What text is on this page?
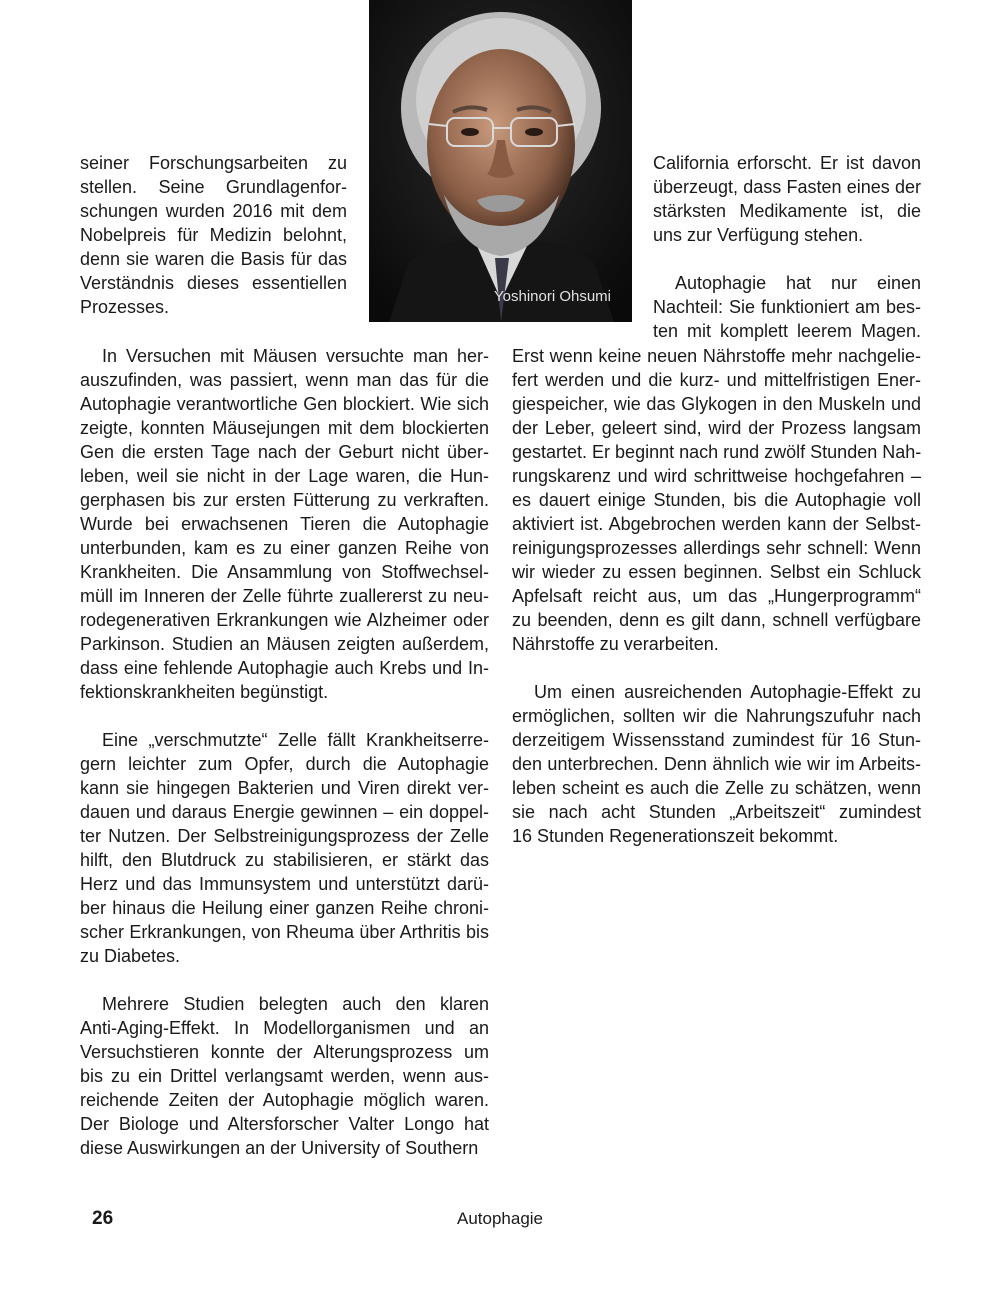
Yoshinori Ohsumi
seiner Forschungsarbeiten zu
stellen. Seine Grundlagenfor-
schungen wurden 2016 mit dem
Nobelpreis für Medizin belohnt,
denn sie waren die Basis für das
Verständnis dieses essentiellen
Prozesses.
California erforscht. Er ist davon
überzeugt, dass Fasten eines der
stärksten Medikamente ist, die
uns zur Verfügung stehen.
Autophagie hat nur einen
Nachteil: Sie funktioniert am bes-
ten mit komplett leerem Magen.
In Versuchen mit Mäusen versuchte man her-
auszufinden, was passiert, wenn man das für die
Autophagie verantwortliche Gen blockiert. Wie sich
zeigte, konnten Mäusejungen mit dem blockierten
Gen die ersten Tage nach der Geburt nicht über-
leben, weil sie nicht in der Lage waren, die Hun-
gerphasen bis zur ersten Fütterung zu verkraften.
Wurde bei erwachsenen Tieren die Autophagie
unterbunden, kam es zu einer ganzen Reihe von
Krankheiten. Die Ansammlung von Stoffwechsel-
müll im Inneren der Zelle führte zuallererst zu neu-
rodegenerativen Erkrankungen wie Alzheimer oder
Parkinson. Studien an Mäusen zeigten außerdem,
dass eine fehlende Autophagie auch Krebs und In-
fektionskrankheiten begünstigt.
Eine „verschmutzte“ Zelle fällt Krankheitserre-
gern leichter zum Opfer, durch die Autophagie
kann sie hingegen Bakterien und Viren direkt ver-
dauen und daraus Energie gewinnen – ein doppel-
ter Nutzen. Der Selbstreinigungsprozess der Zelle
hilft, den Blutdruck zu stabilisieren, er stärkt das
Herz und das Immunsystem und unterstützt darü-
ber hinaus die Heilung einer ganzen Reihe chroni-
scher Erkrankungen, von Rheuma über Arthritis bis
zu Diabetes.
Mehrere Studien belegten auch den klaren
Anti-Aging-Effekt. In Modellorganismen und an
Versuchstieren konnte der Alterungsprozess um
bis zu ein Drittel verlangsamt werden, wenn aus-
reichende Zeiten der Autophagie möglich waren.
Der Biologe und Altersforscher Valter Longo hat
diese Auswirkungen an der University of Southern
Erst wenn keine neuen Nährstoffe mehr nachgelie-
fert werden und die kurz- und mittelfristigen Ener-
giespeicher, wie das Glykogen in den Muskeln und
der Leber, geleert sind, wird der Prozess langsam
gestartet. Er beginnt nach rund zwölf Stunden Nah-
rungskarenz und wird schrittweise hochgefahren –
es dauert einige Stunden, bis die Autophagie voll
aktiviert ist. Abgebrochen werden kann der Selbst-
reinigungsprozesses allerdings sehr schnell: Wenn
wir wieder zu essen beginnen. Selbst ein Schluck
Apfelsaft reicht aus, um das „Hungerprogramm“
zu beenden, denn es gilt dann, schnell verfügbare
Nährstoffe zu verarbeiten.
Um einen ausreichenden Autophagie-Effekt zu
ermöglichen, sollten wir die Nahrungszufuhr nach
derzeitigem Wissensstand zumindest für 16 Stun-
den unterbrechen. Denn ähnlich wie wir im Arbeits-
leben scheint es auch die Zelle zu schätzen, wenn
sie nach acht Stunden „Arbeitszeit“ zumindest
16 Stunden Regenerationszeit bekommt.
26	Autophagie
